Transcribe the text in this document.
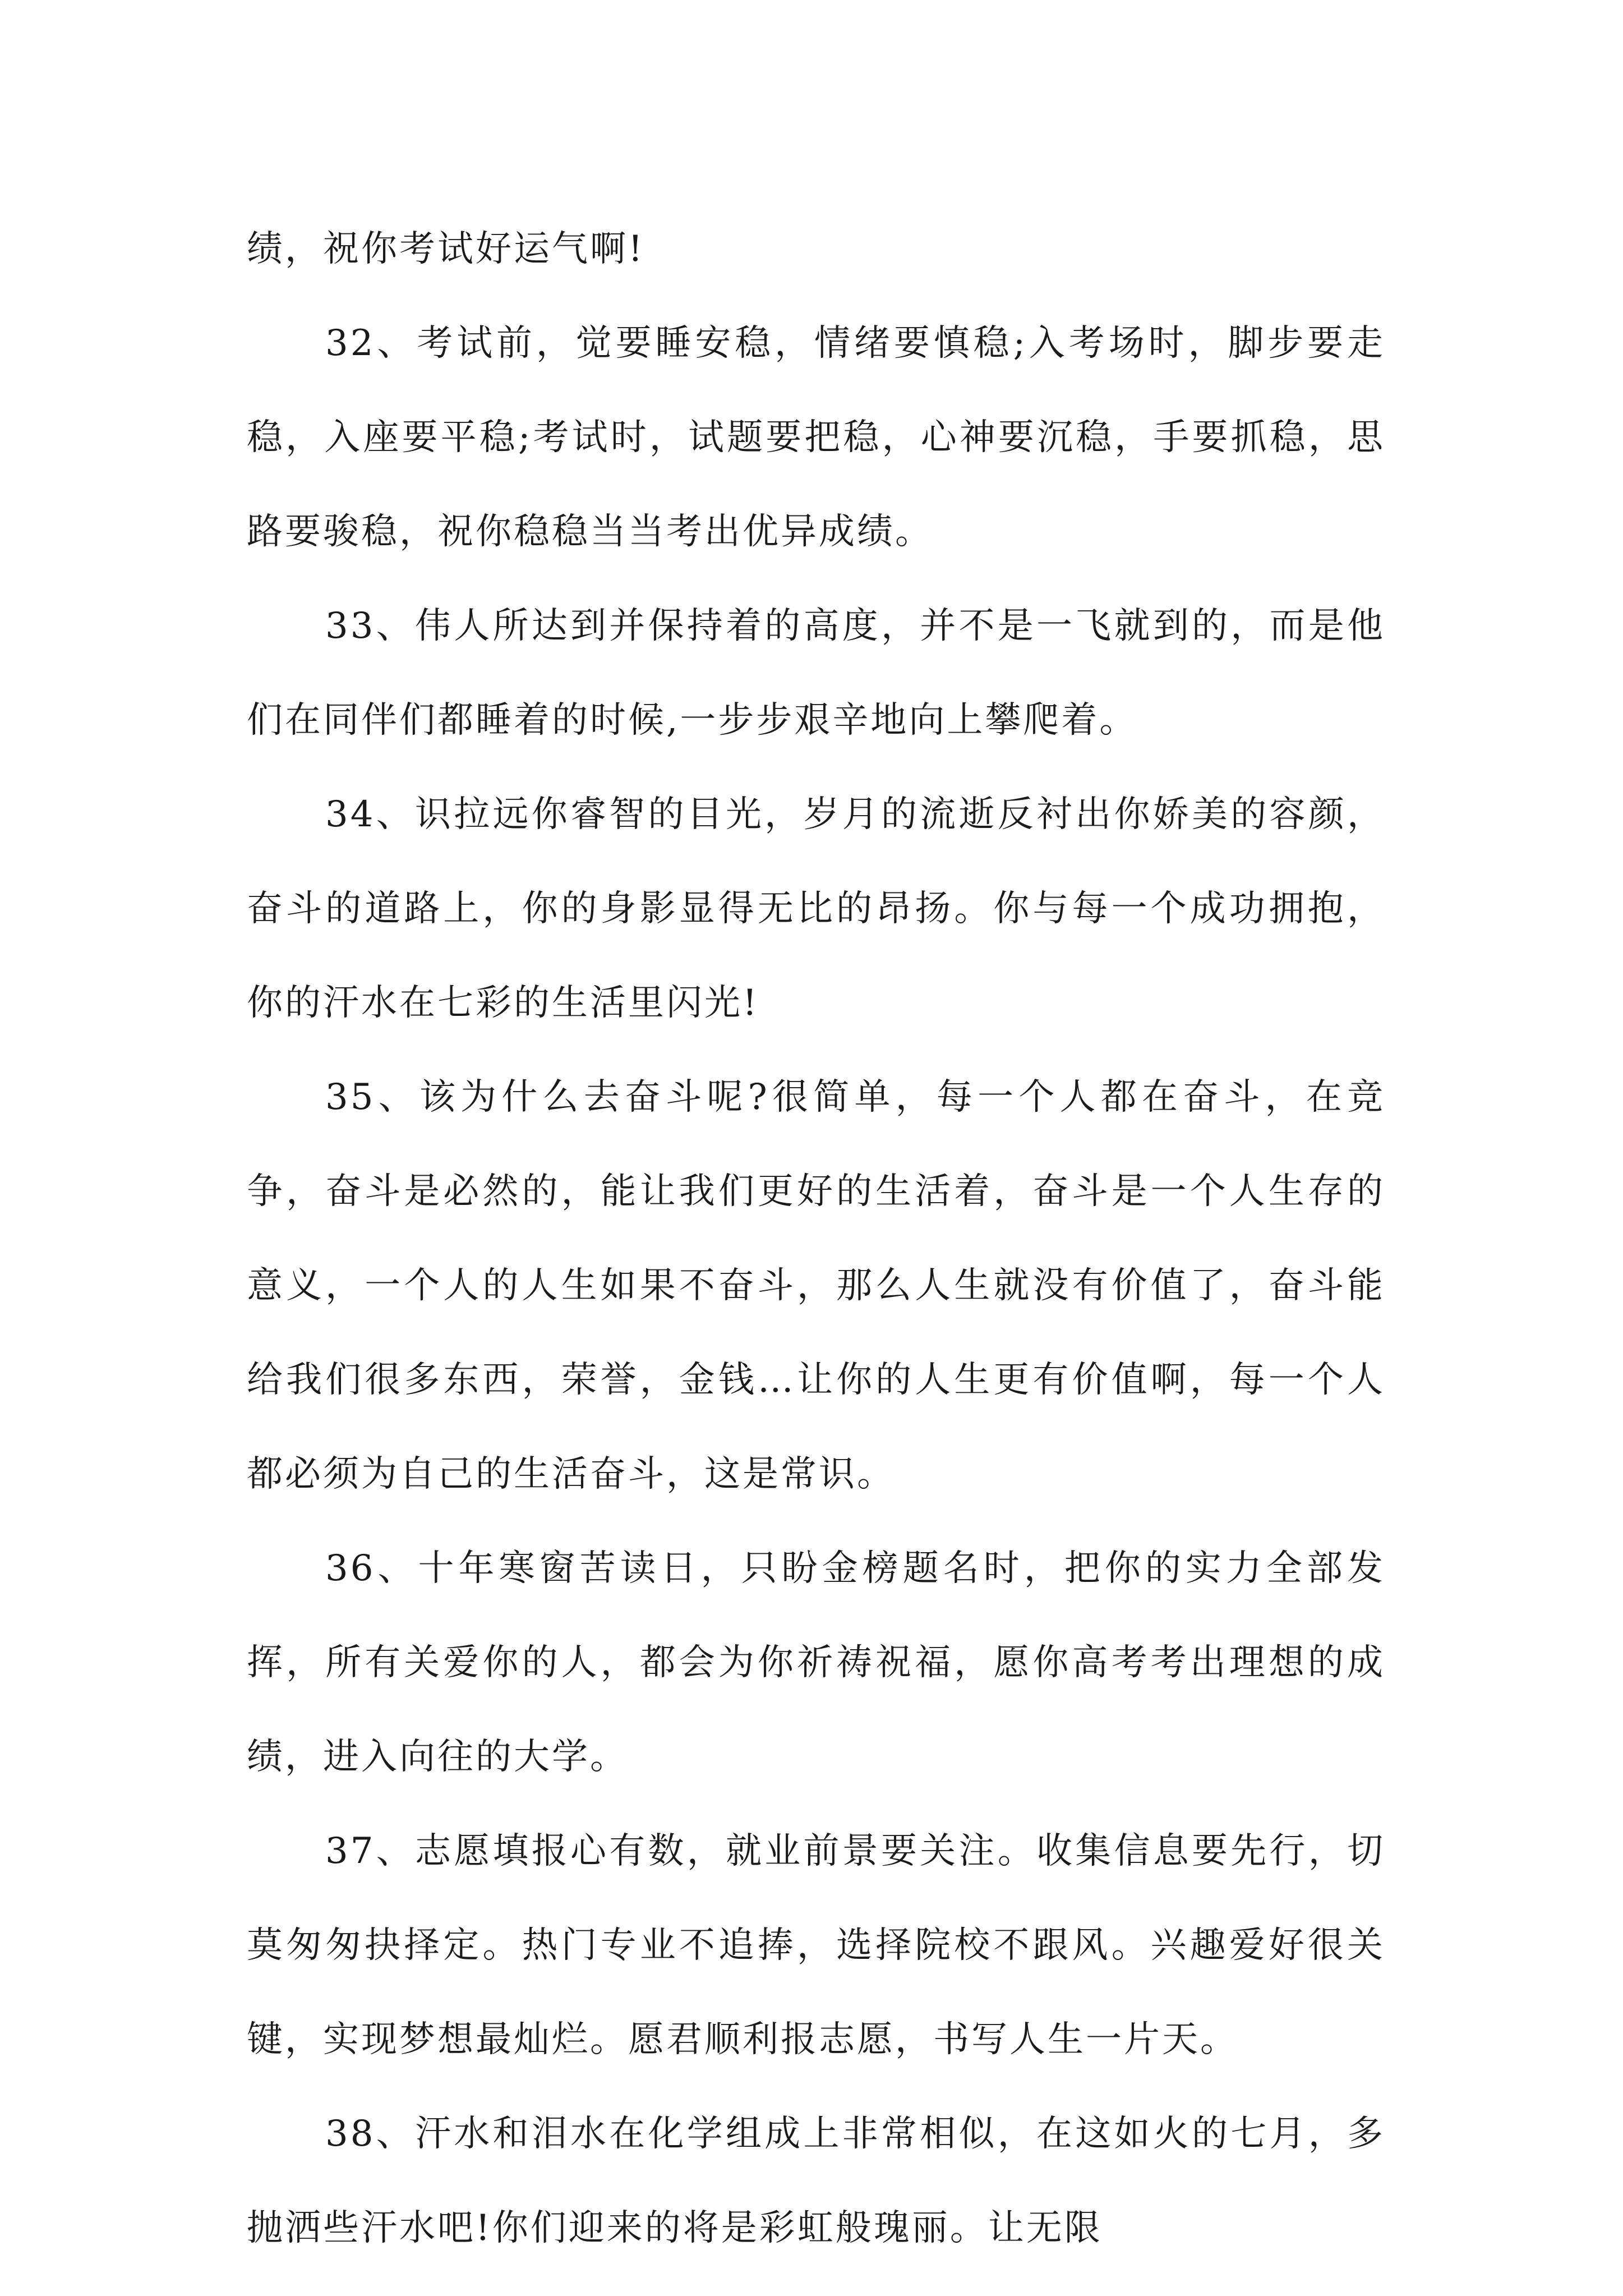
绩，祝你考试好运气啊!

32、考试前，觉要睡安稳，情绪要慎稳;入考场时，脚步要走稳，入座要平稳;考试时，试题要把稳，心神要沉稳，手要抓稳，思路要骏稳，祝你稳稳当当考出优异成绩。

33、伟人所达到并保持着的高度，并不是一飞就到的，而是他们在同伴们都睡着的时候,一步步艰辛地向上攀爬着。

34、识拉远你睿智的目光，岁月的流逝反衬出你娇美的容颜，奋斗的道路上，你的身影显得无比的昂扬。你与每一个成功拥抱，你的汗水在七彩的生活里闪光!

35、该为什么去奋斗呢?很简单，每一个人都在奋斗，在竞争，奋斗是必然的，能让我们更好的生活着，奋斗是一个人生存的意义，一个人的人生如果不奋斗，那么人生就没有价值了，奋斗能给我们很多东西，荣誉，金钱…让你的人生更有价值啊，每一个人都必须为自己的生活奋斗，这是常识。

36、十年寒窗苦读日，只盼金榜题名时，把你的实力全部发挥，所有关爱你的人，都会为你祈祷祝福，愿你高考考出理想的成绩，进入向往的大学。

37、志愿填报心有数，就业前景要关注。收集信息要先行，切莫匆匆抉择定。热门专业不追捧，选择院校不跟风。兴趣爱好很关键，实现梦想最灿烂。愿君顺利报志愿，书写人生一片天。

38、汗水和泪水在化学组成上非常相似，在这如火的七月，多抛洒些汗水吧!你们迎来的将是彩虹般瑰丽。让无限
